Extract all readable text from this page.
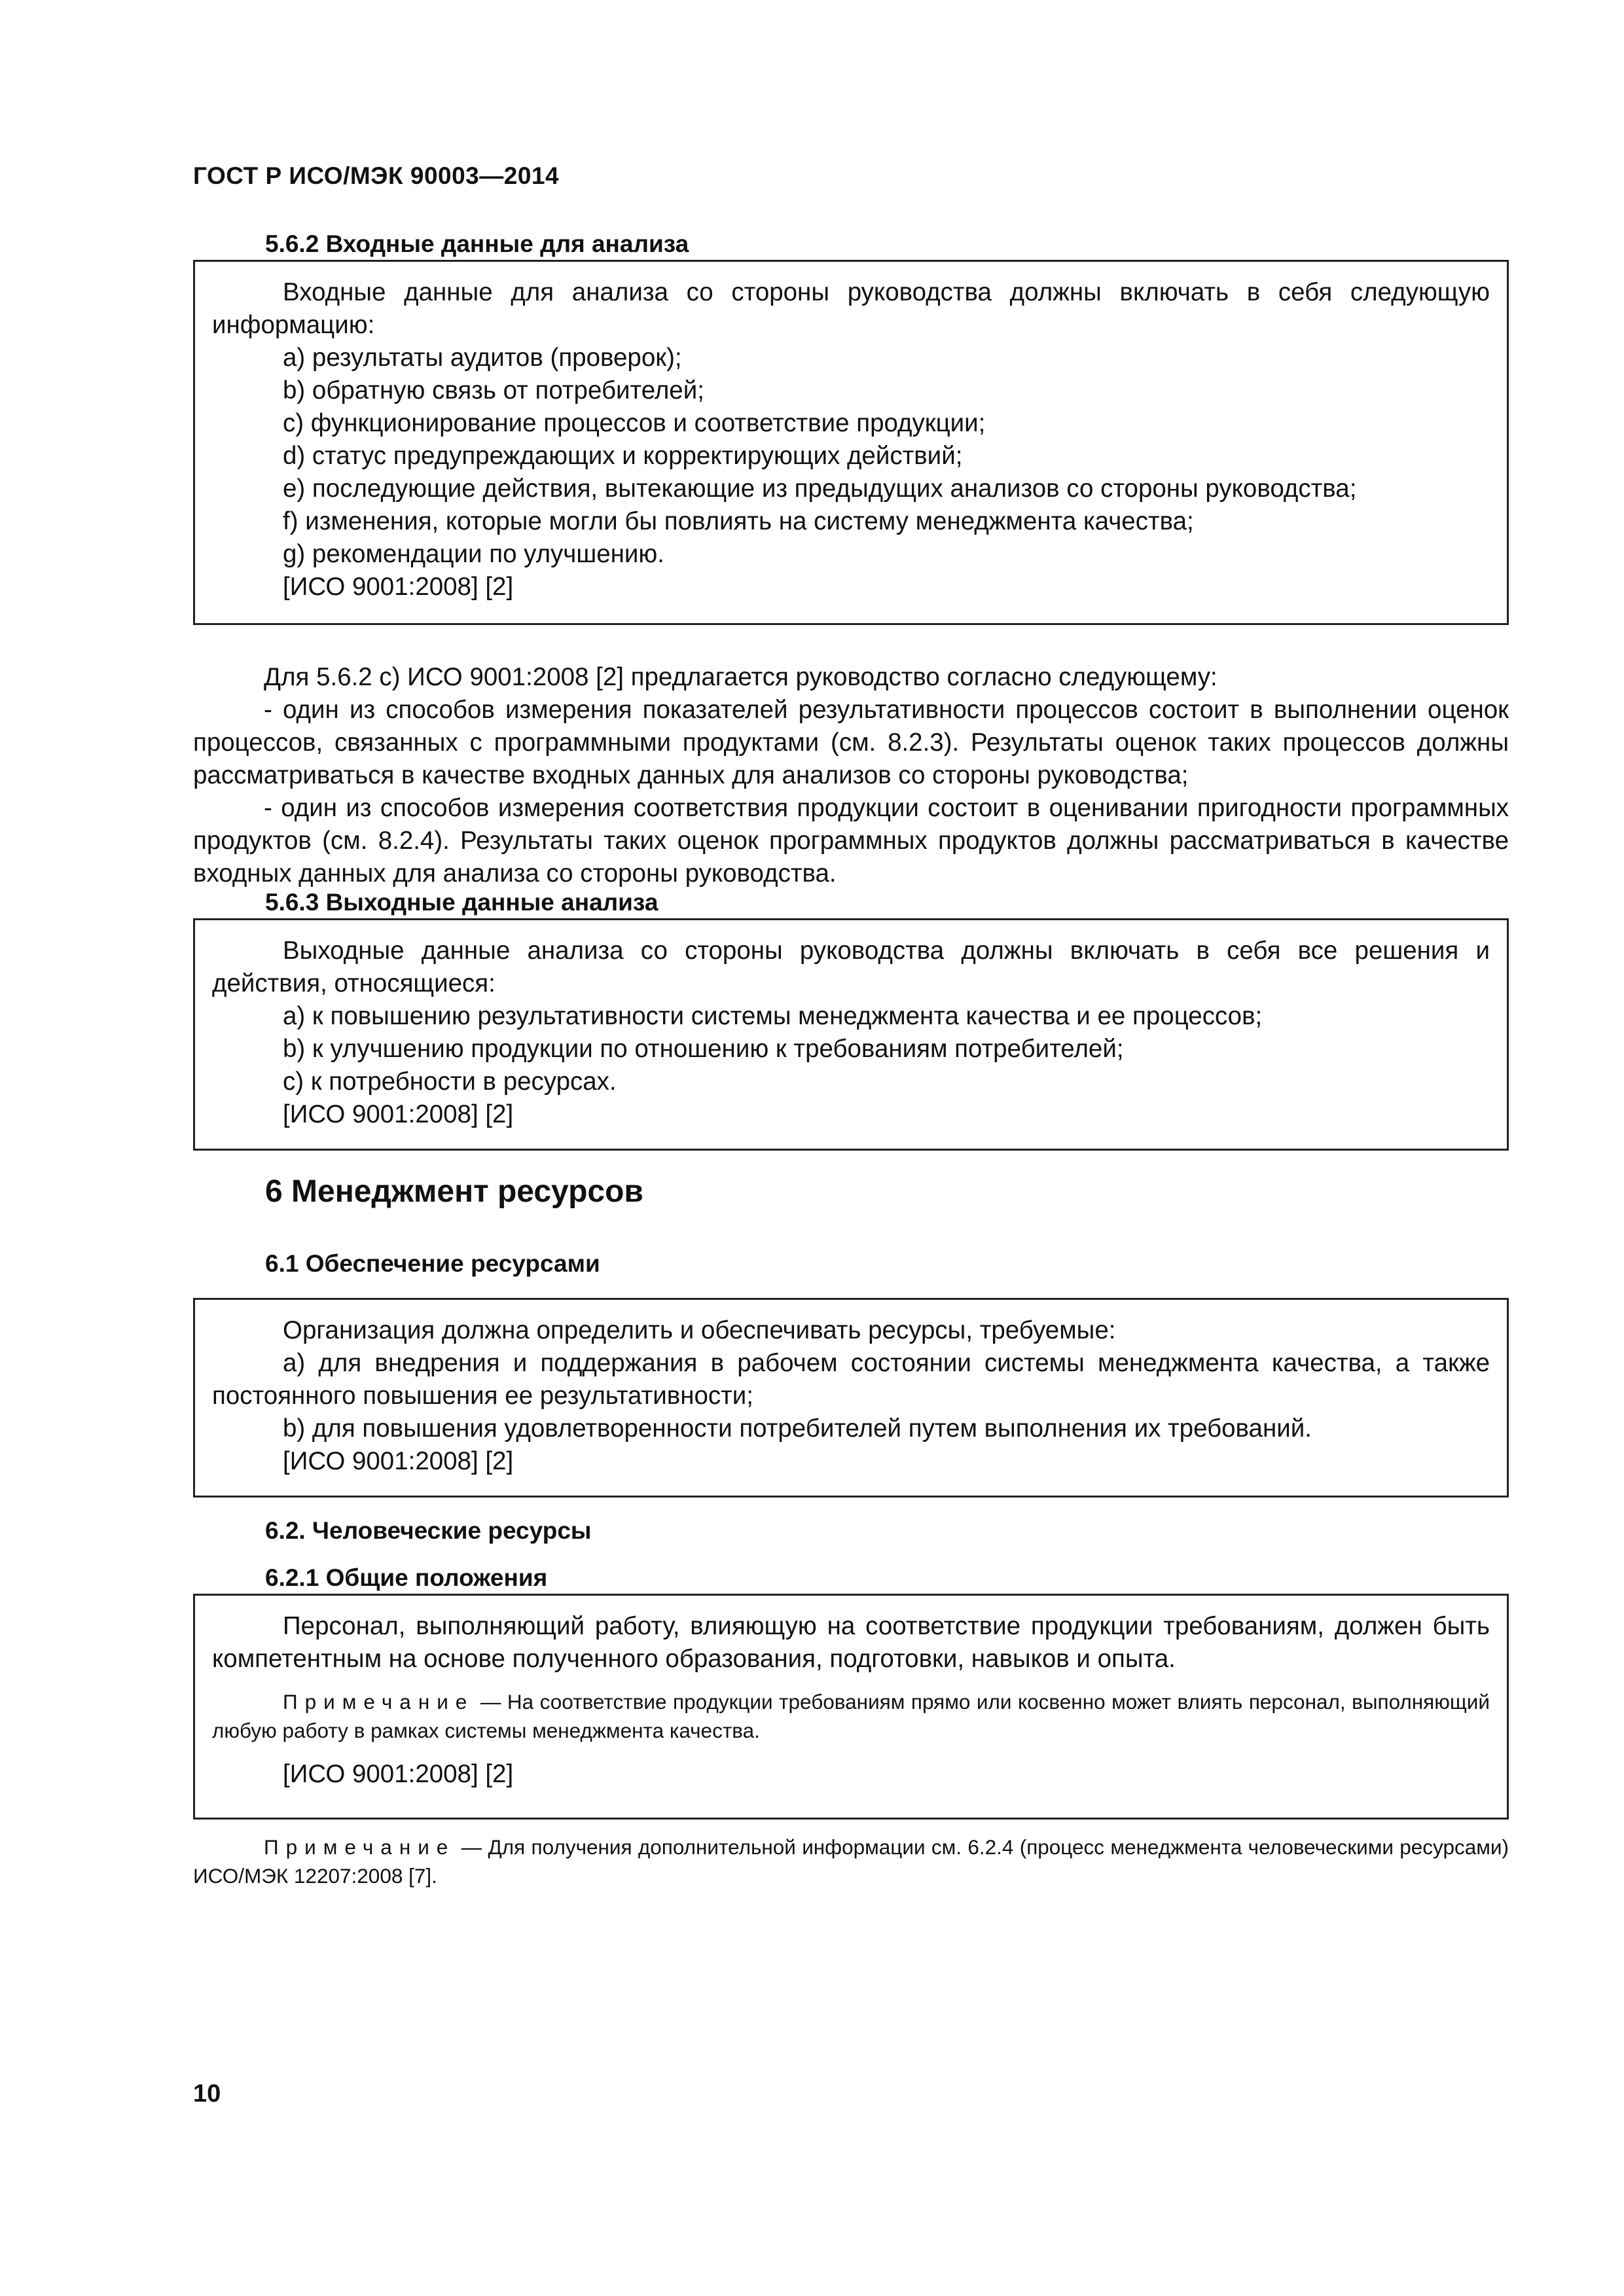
ГОСТ Р ИСО/МЭК 90003—2014
5.6.2 Входные данные для анализа

Входные данные для анализа со стороны руководства должны включать в себя следующую информацию:

a) результаты аудитов (проверок);

b) обратную связь от потребителей;

c) функционирование процессов и соответствие продукции;

d) статус предупреждающих и корректирующих действий;

e) последующие действия, вытекающие из предыдущих анализов со стороны руководства;

f) изменения, которые могли бы повлиять на систему менеджмента качества;

g) рекомендации по улучшению.

[ИСО 9001:2008] [2]

Для 5.6.2 с) ИСО 9001:2008 [2] предлагается руководство согласно следующему:

- один из способов измерения показателей результативности процессов состоит в выполнении оценок процессов, связанных с программными продуктами (см. 8.2.3). Результаты оценок таких процессов должны рассматриваться в качестве входных данных для анализов со стороны руководства;

- один из способов измерения соответствия продукции состоит в оценивании пригодности программных продуктов (см. 8.2.4). Результаты таких оценок программных продуктов должны рассматриваться в качестве входных данных для анализа со стороны руководства.

5.6.3 Выходные данные анализа

Выходные данные анализа со стороны руководства должны включать в себя все решения и действия, относящиеся:

a) к повышению результативности системы менеджмента качества и ее процессов;

b) к улучшению продукции по отношению к требованиям потребителей;

c) к потребности в ресурсах.

[ИСО 9001:2008] [2]

6 Менеджмент ресурсов
6.1 Обеспечение ресурсами

Организация должна определить и обеспечивать ресурсы, требуемые:

а) для внедрения и поддержания в рабочем состоянии системы менеджмента качества, а также постоянного повышения ее результативности;

b) для повышения удовлетворенности потребителей путем выполнения их требований.

[ИСО 9001:2008] [2]

6.2. Человеческие ресурсы
6.2.1 Общие положения

Персонал, выполняющий работу, влияющую на соответствие продукции требованиям, должен быть компетентным на основе полученного образования, подготовки, навыков и опыта.

Примечание — На соответствие продукции требованиям прямо или косвенно может влиять персонал, выполняющий любую работу в рамках системы менеджмента качества.

[ИСО 9001:2008] [2]

Примечание — Для получения дополнительной информации см. 6.2.4 (процесс менеджмента человеческими ресурсами) ИСО/МЭК 12207:2008 [7].

10
